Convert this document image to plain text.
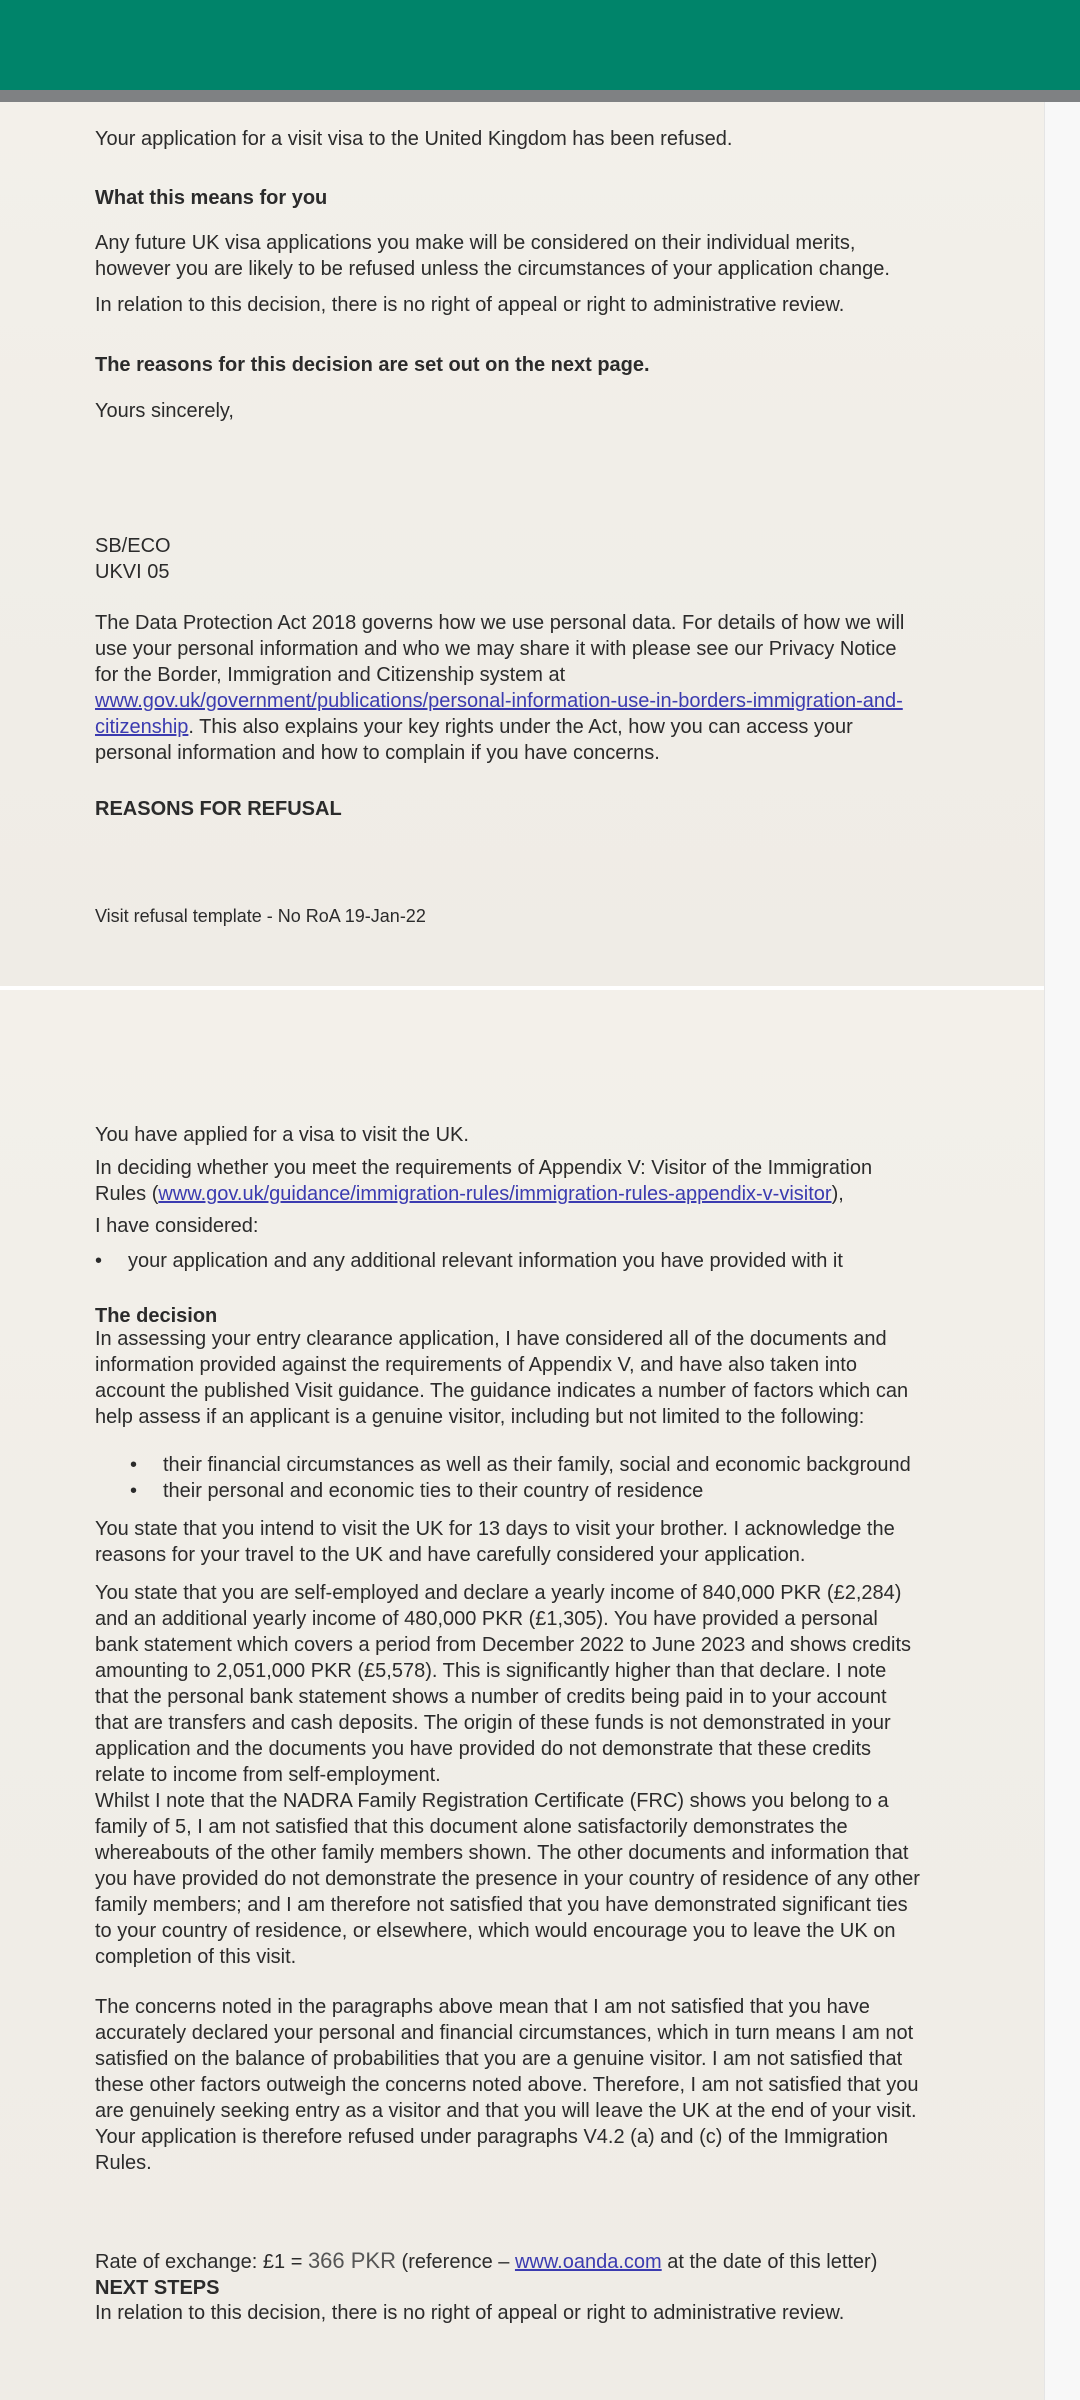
Your application for a visit visa to the United Kingdom has been refused.

What this means for you

Any future UK visa applications you make will be considered on their individual merits, however you are likely to be refused unless the circumstances of your application change.

In relation to this decision, there is no right of appeal or right to administrative review.

The reasons for this decision are set out on the next page.

Yours sincerely,

SB/ECO

UKVI 05

The Data Protection Act 2018 governs how we use personal data. For details of how we will use your personal information and who we may share it with please see our Privacy Notice for the Border, Immigration and Citizenship system at www.gov.uk/government/publications/personal-information-use-in-borders-immigration-and-citizenship. This also explains your key rights under the Act, how you can access your personal information and how to complain if you have concerns.

REASONS FOR REFUSAL

Visit refusal template - No RoA 19-Jan-22

You have applied for a visa to visit the UK.

In deciding whether you meet the requirements of Appendix V: Visitor of the Immigration Rules (www.gov.uk/guidance/immigration-rules/immigration-rules-appendix-v-visitor),

I have considered:

• your application and any additional relevant information you have provided with it

The decision

In assessing your entry clearance application, I have considered all of the documents and information provided against the requirements of Appendix V, and have also taken into account the published Visit guidance. The guidance indicates a number of factors which can help assess if an applicant is a genuine visitor, including but not limited to the following:

• their financial circumstances as well as their family, social and economic background
• their personal and economic ties to their country of residence

You state that you intend to visit the UK for 13 days to visit your brother. I acknowledge the reasons for your travel to the UK and have carefully considered your application.

You state that you are self-employed and declare a yearly income of 840,000 PKR (£2,284) and an additional yearly income of 480,000 PKR (£1,305). You have provided a personal bank statement which covers a period from December 2022 to June 2023 and shows credits amounting to 2,051,000 PKR (£5,578). This is significantly higher than that declare. I note that the personal bank statement shows a number of credits being paid in to your account that are transfers and cash deposits. The origin of these funds is not demonstrated in your application and the documents you have provided do not demonstrate that these credits relate to income from self-employment.

Whilst I note that the NADRA Family Registration Certificate (FRC) shows you belong to a family of 5, I am not satisfied that this document alone satisfactorily demonstrates the whereabouts of the other family members shown. The other documents and information that you have provided do not demonstrate the presence in your country of residence of any other family members; and I am therefore not satisfied that you have demonstrated significant ties to your country of residence, or elsewhere, which would encourage you to leave the UK on completion of this visit.

The concerns noted in the paragraphs above mean that I am not satisfied that you have accurately declared your personal and financial circumstances, which in turn means I am not satisfied on the balance of probabilities that you are a genuine visitor. I am not satisfied that these other factors outweigh the concerns noted above. Therefore, I am not satisfied that you are genuinely seeking entry as a visitor and that you will leave the UK at the end of your visit. Your application is therefore refused under paragraphs V4.2 (a) and (c) of the Immigration Rules.

Rate of exchange: £1 = 366 PKR (reference – www.oanda.com at the date of this letter)

NEXT STEPS

In relation to this decision, there is no right of appeal or right to administrative review.
